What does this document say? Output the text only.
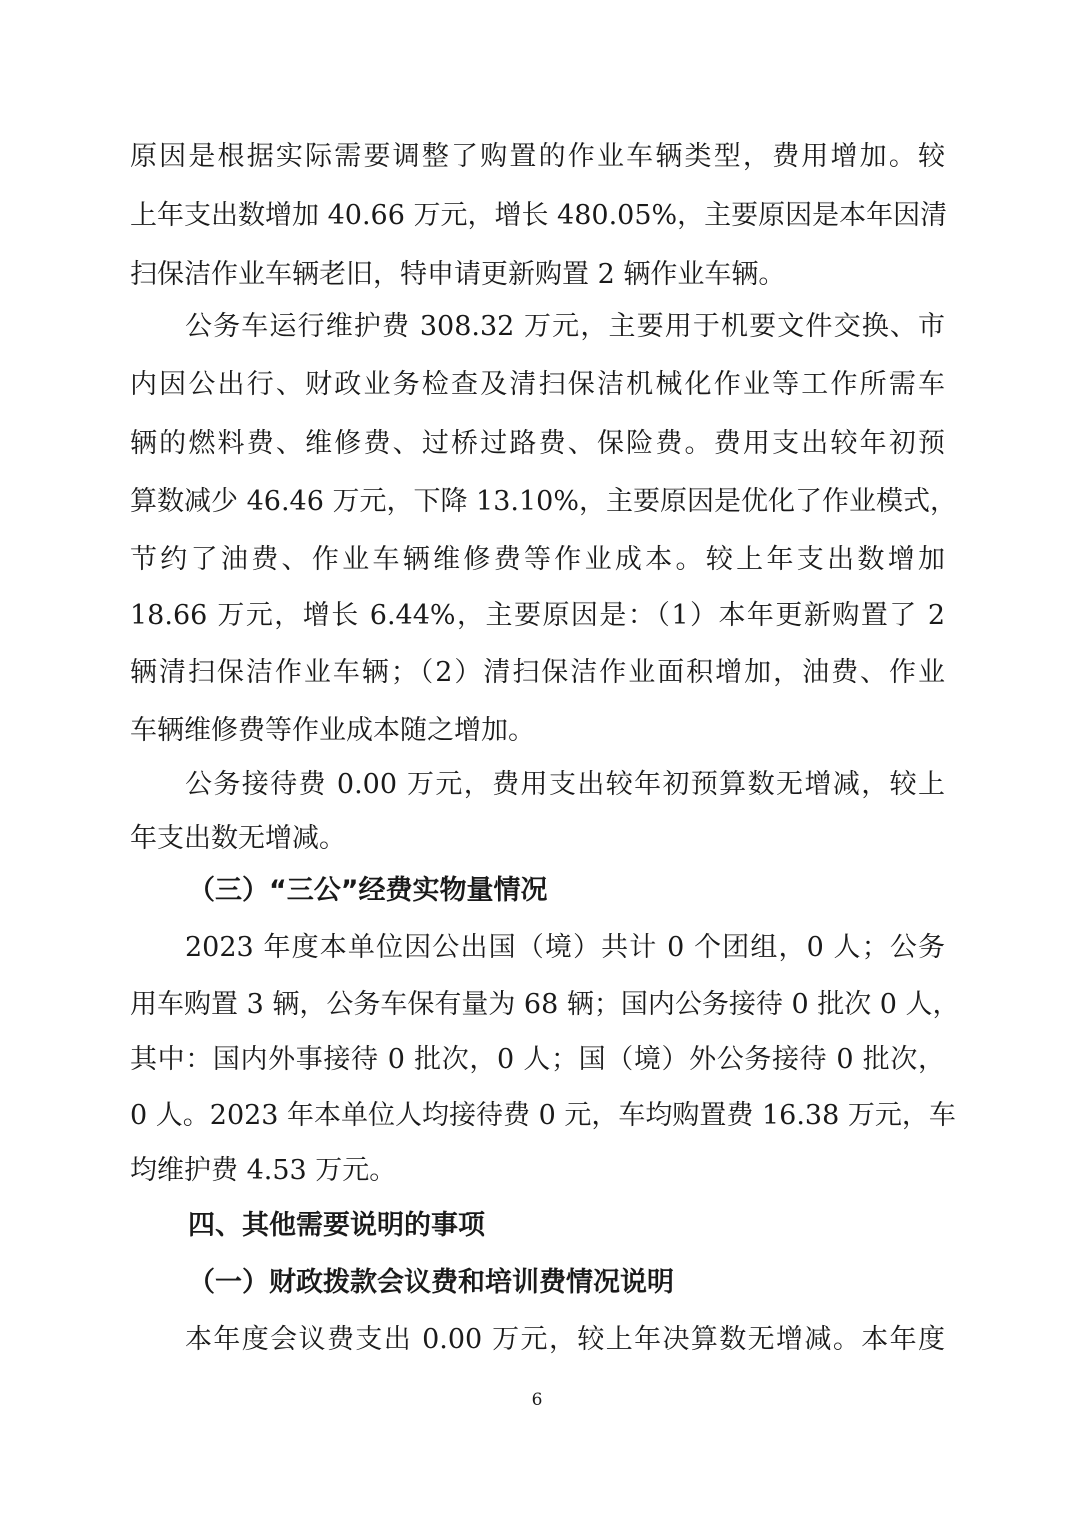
原因是根据实际需要调整了购置的作业车辆类型，费用增加。较
上年支出数增加 40.66 万元，增长 480.05%，主要原因是本年因清
扫保洁作业车辆老旧，特申请更新购置 2 辆作业车辆。
公务车运行维护费 308.32 万元，主要用于机要文件交换、市
内因公出行、财政业务检查及清扫保洁机械化作业等工作所需车
辆的燃料费、维修费、过桥过路费、保险费。费用支出较年初预
算数减少 46.46 万元，下降 13.10%，主要原因是优化了作业模式，
节约了油费、作业车辆维修费等作业成本。较上年支出数增加
18.66 万元，增长 6.44%，主要原因是：（1）本年更新购置了 2
辆清扫保洁作业车辆；（2）清扫保洁作业面积增加，油费、作业
车辆维修费等作业成本随之增加。
公务接待费 0.00 万元，费用支出较年初预算数无增减，较上
年支出数无增减。
（三）“三公”经费实物量情况
2023 年度本单位因公出国（境）共计 0 个团组，0 人；公务
用车购置 3 辆，公务车保有量为 68 辆；国内公务接待 0 批次 0 人，
其中：国内外事接待 0 批次，0 人；国（境）外公务接待 0 批次，
0 人。2023 年本单位人均接待费 0 元，车均购置费 16.38 万元，车
均维护费 4.53 万元。
四、其他需要说明的事项
（一）财政拨款会议费和培训费情况说明
本年度会议费支出 0.00 万元，较上年决算数无增减。本年度
6
